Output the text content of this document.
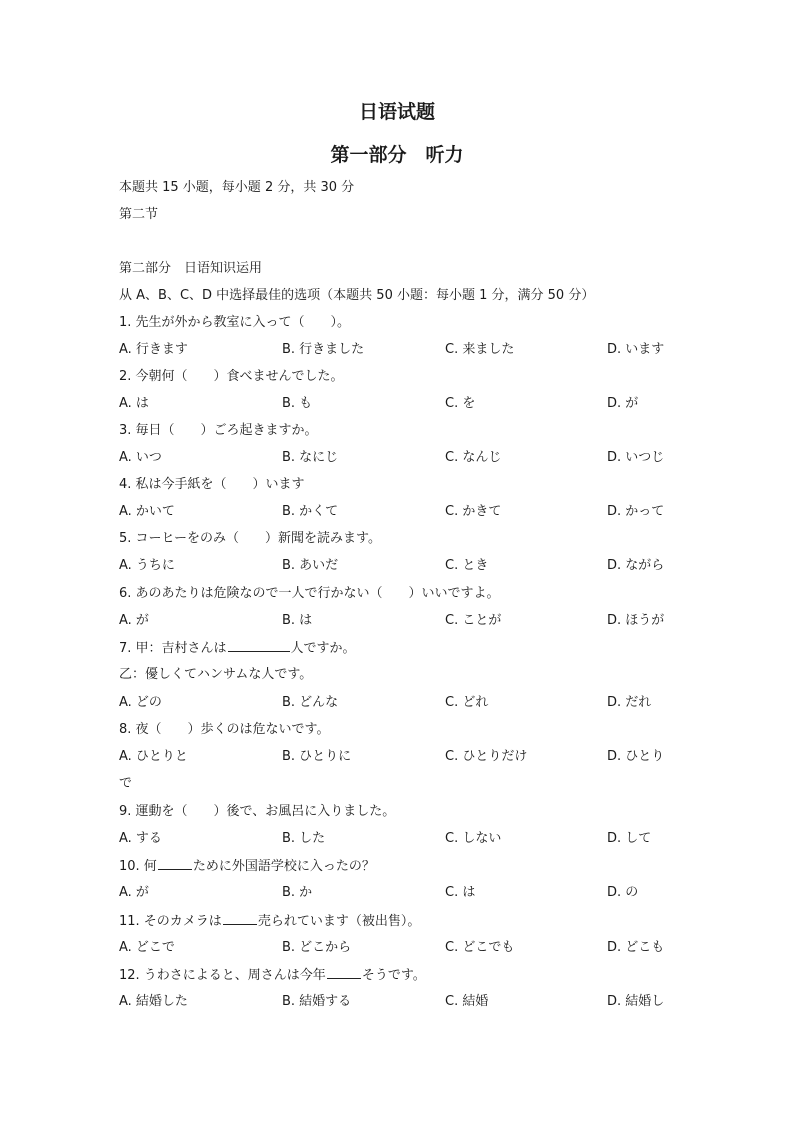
日语试题
第一部分　听力
本题共 15 小题，每小题 2 分，共 30 分
第二节
第二部分　日语知识运用
从 A、B、C、D 中选择最佳的选项（本题共 50 小题：每小题 1 分，满分 50 分）
1. 先生が外から教室に入って（　　）。
A. 行きます	B. 行きました	C. 来ました	D. います
2. 今朝何（　　）食べませんでした。
A. は	B. も	C. を	D. が
3. 毎日（　　）ごろ起きますか。
A. いつ	B. なにじ	C. なんじ	D. いつじ
4. 私は今手紙を（　　）います
A. かいて	B. かくて	C. かきて	D. かって
5. コーヒーをのみ（　　）新聞を読みます。
A. うちに	B. あいだ	C. とき	D. ながら
6. あのあたりは危険なので一人で行かない（　　）いいですよ。
A. が	B. は	C. ことが	D. ほうが
7. 甲：吉村さんは	人ですか。
乙：優しくてハンサムな人です。
A. どの	B. どんな	C. どれ	D. だれ
8. 夜（　　）歩くのは危ないです。
A. ひとりと	B. ひとりに	C. ひとりだけ	D. ひとり
で
9. 運動を（　　）後で、お風呂に入りました。
A. する	B. した	C. しない	D. して
10. 何	ために外国語学校に入ったの？
A. が	B. か	C. は	D. の
11. そのカメラは	売られています（被出售）。
A. どこで	B. どこから	C. どこでも	D. どこも
12. うわさによると、周さんは今年	そうです。
A. 結婚した	B. 結婚する	C. 結婚	D. 結婚し
